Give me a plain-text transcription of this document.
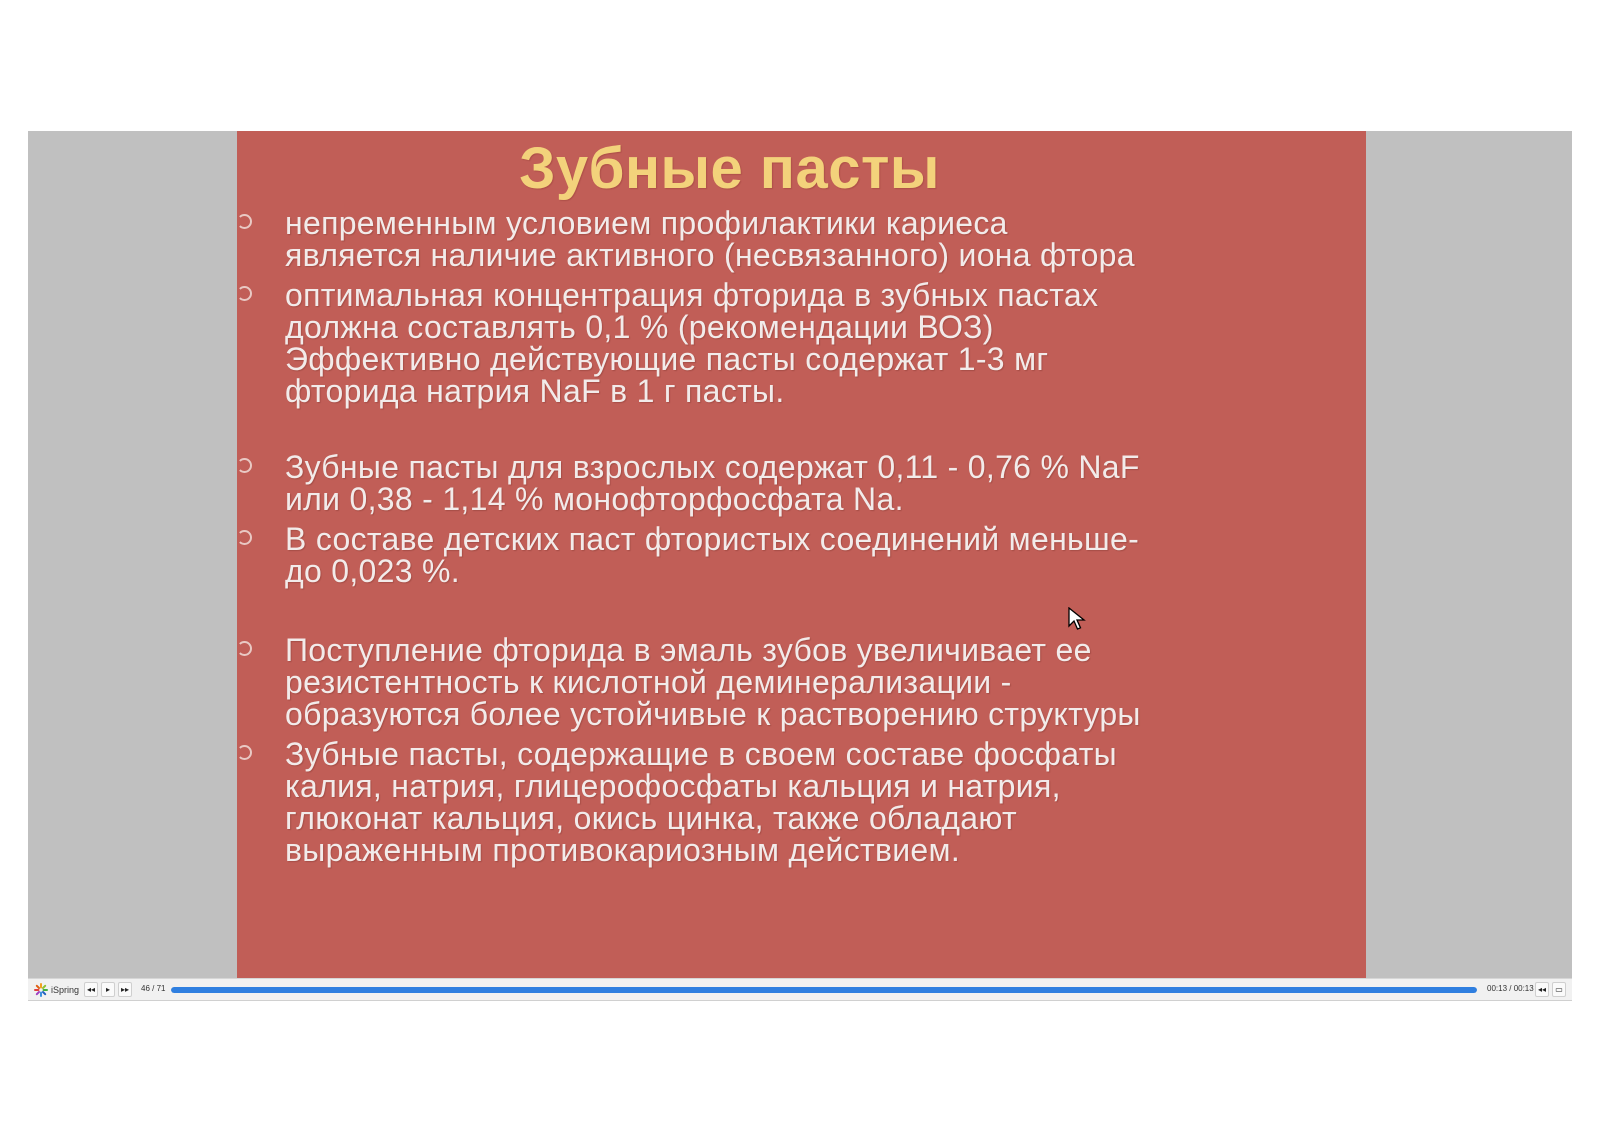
Зубные пасты
непременным условием профилактики кариеса
является наличие активного (несвязанного) иона фтора
оптимальная концентрация фторида в зубных пастах
должна составлять 0,1 % (рекомендации ВОЗ)
Эффективно действующие пасты содержат 1-3 мг
фторида натрия NaF в 1 г пасты.
Зубные пасты для взрослых содержат 0,11 - 0,76 % NaF
или 0,38 - 1,14 % монофторфосфата Na.
В составе детских паст фтористых соединений меньше-
до 0,023 %.
Поступление фторида в эмаль зубов увеличивает ее
резистентность к кислотной деминерализации -
образуются более устойчивые к растворению структуры
Зубные пасты, содержащие в своем составе фосфаты
калия, натрия, глицерофосфаты кальция и натрия,
глюконат кальция, окись цинка, также обладают
выраженным противокариозным действием.
iSpring ◂◂	▸	▸▸	46 / 71	00:13 / 00:13 ◂◂	▭
